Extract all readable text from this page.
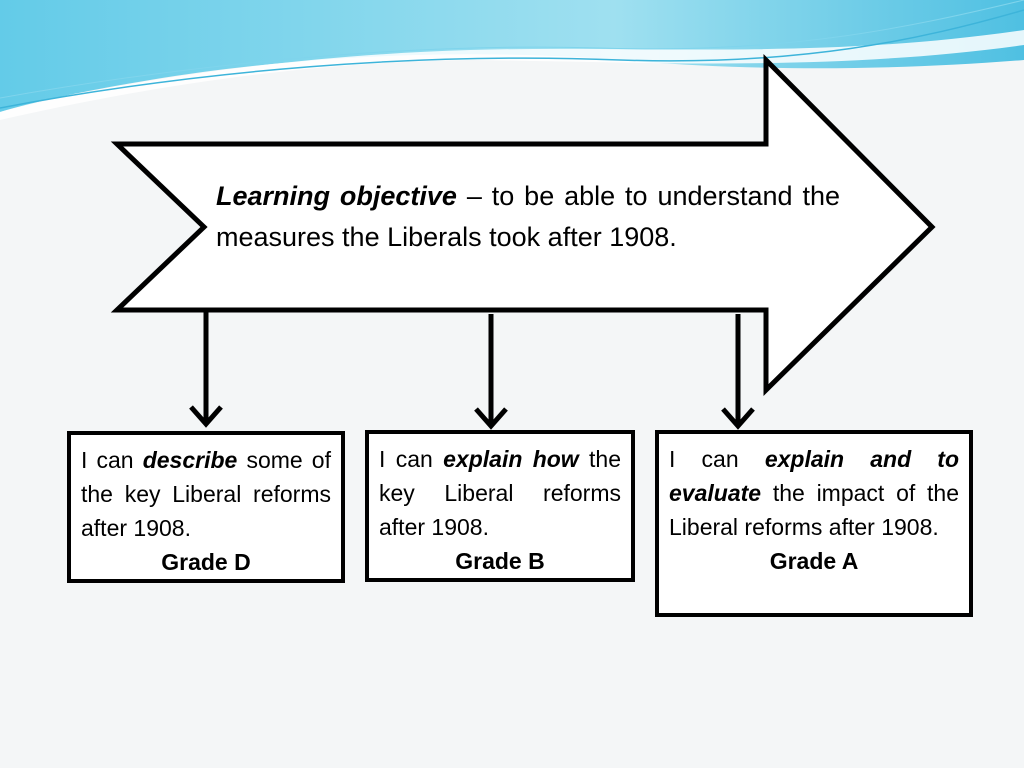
Learning objective – to be able to understand the measures the Liberals took after 1908.
I can describe some of the key Liberal reforms after 1908.
Grade D
I can explain how the key Liberal reforms after 1908.
Grade B
I can explain and to evaluate the impact of the Liberal reforms after 1908.
Grade A
